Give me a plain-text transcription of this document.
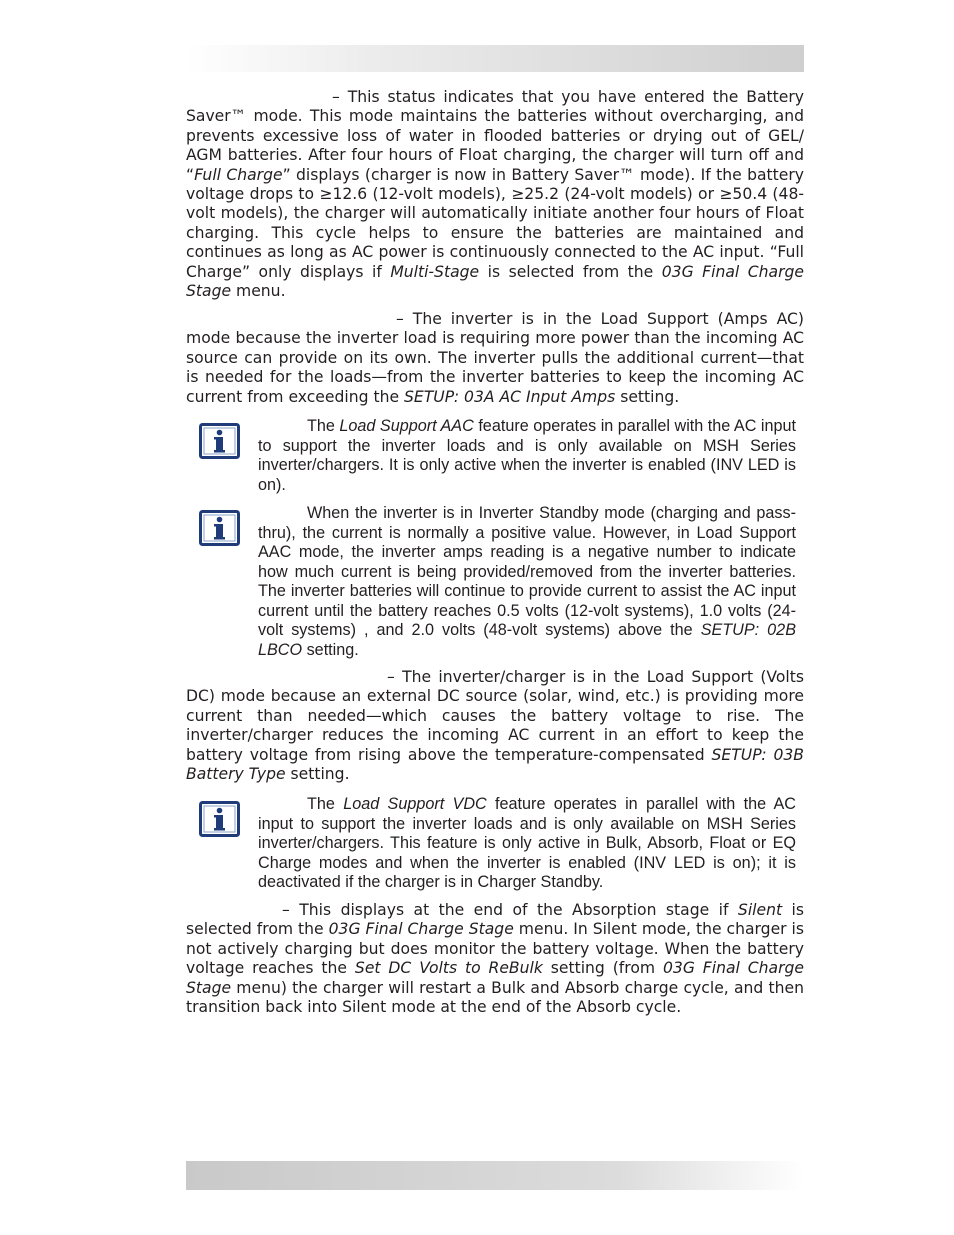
– This status indicates that you have entered the Battery Saver™ mode. This mode maintains the batteries without overcharging, and prevents excessive loss of water in flooded batteries or drying out of GEL/ AGM batteries. After four hours of Float charging, the charger will turn off and “Full Charge” displays (charger is now in Battery Saver™ mode). If the battery voltage drops to ≥12.6 (12-volt models), ≥25.2 (24-volt models) or ≥50.4 (48-volt models), the charger will automatically initiate another four hours of Float charging. This cycle helps to ensure the batteries are maintained and continues as long as AC power is continuously connected to the AC input. “Full Charge” only displays if Multi-Stage is selected from the 03G Final Charge Stage menu.

– The inverter is in the Load Support (Amps AC) mode because the inverter load is requiring more power than the incoming AC source can provide on its own. The inverter pulls the additional current—that is needed for the loads—from the inverter batteries to keep the incoming AC current from exceeding the SETUP: 03A AC Input Amps setting.

The Load Support AAC feature operates in parallel with the AC input to support the inverter loads and is only available on MSH Series inverter/chargers. It is only active when the inverter is enabled (INV LED is on).

When the inverter is in Inverter Standby mode (charging and pass-thru), the current is normally a positive value. However, in Load Support AAC mode, the inverter amps reading is a negative number to indicate how much current is being provided/removed from the inverter batteries. The inverter batteries will continue to provide current to assist the AC input current until the battery reaches 0.5 volts (12-volt systems), 1.0 volts (24-volt systems) , and 2.0 volts (48-volt systems) above the SETUP: 02B LBCO setting.

– The inverter/charger is in the Load Support (Volts DC) mode because an external DC source (solar, wind, etc.) is providing more current than needed—which causes the battery voltage to rise. The inverter/charger reduces the incoming AC current in an effort to keep the battery voltage from rising above the temperature-compensated SETUP: 03B Battery Type setting.

The Load Support VDC feature operates in parallel with the AC input to support the inverter loads and is only available on MSH Series inverter/chargers. This feature is only active in Bulk, Absorb, Float or EQ Charge modes and when the inverter is enabled (INV LED is on); it is deactivated if the charger is in Charger Standby.

– This displays at the end of the Absorption stage if Silent is selected from the 03G Final Charge Stage menu. In Silent mode, the charger is not actively charging but does monitor the battery voltage. When the battery voltage reaches the Set DC Volts to ReBulk setting (from 03G Final Charge Stage menu) the charger will restart a Bulk and Absorb charge cycle, and then transition back into Silent mode at the end of the Absorb cycle.
